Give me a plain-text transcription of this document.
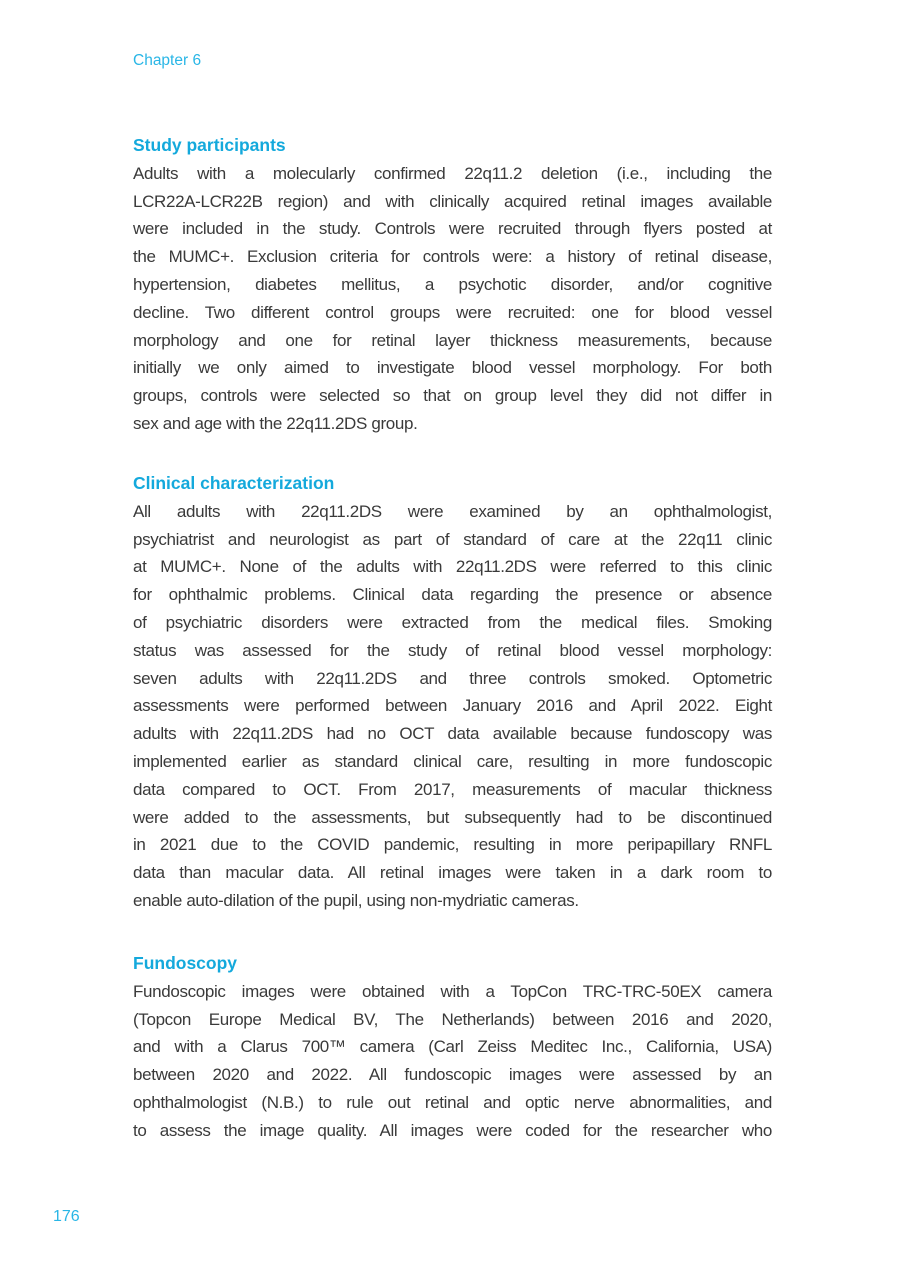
Chapter 6
Study participants
Adults with a molecularly confirmed 22q11.2 deletion (i.e., including the
LCR22A-LCR22B region) and with clinically acquired retinal images available
were included in the study. Controls were recruited through flyers posted at
the MUMC+. Exclusion criteria for controls were: a history of retinal disease,
hypertension, diabetes mellitus, a psychotic disorder, and/or cognitive
decline. Two different control groups were recruited: one for blood vessel
morphology and one for retinal layer thickness measurements, because
initially we only aimed to investigate blood vessel morphology. For both
groups, controls were selected so that on group level they did not differ in
sex and age with the 22q11.2DS group.
Clinical characterization
All adults with 22q11.2DS were examined by an ophthalmologist,
psychiatrist and neurologist as part of standard of care at the 22q11 clinic
at MUMC+. None of the adults with 22q11.2DS were referred to this clinic
for ophthalmic problems. Clinical data regarding the presence or absence
of psychiatric disorders were extracted from the medical files. Smoking
status was assessed for the study of retinal blood vessel morphology:
seven adults with 22q11.2DS and three controls smoked. Optometric
assessments were performed between January 2016 and April 2022. Eight
adults with 22q11.2DS had no OCT data available because fundoscopy was
implemented earlier as standard clinical care, resulting in more fundoscopic
data compared to OCT. From 2017, measurements of macular thickness
were added to the assessments, but subsequently had to be discontinued
in 2021 due to the COVID pandemic, resulting in more peripapillary RNFL
data than macular data. All retinal images were taken in a dark room to
enable auto-dilation of the pupil, using non-mydriatic cameras.
Fundoscopy
Fundoscopic images were obtained with a TopCon TRC-TRC-50EX camera
(Topcon Europe Medical BV, The Netherlands) between 2016 and 2020,
and with a Clarus 700™ camera (Carl Zeiss Meditec Inc., California, USA)
between 2020 and 2022. All fundoscopic images were assessed by an
ophthalmologist (N.B.) to rule out retinal and optic nerve abnormalities, and
to assess the image quality. All images were coded for the researcher who
176
